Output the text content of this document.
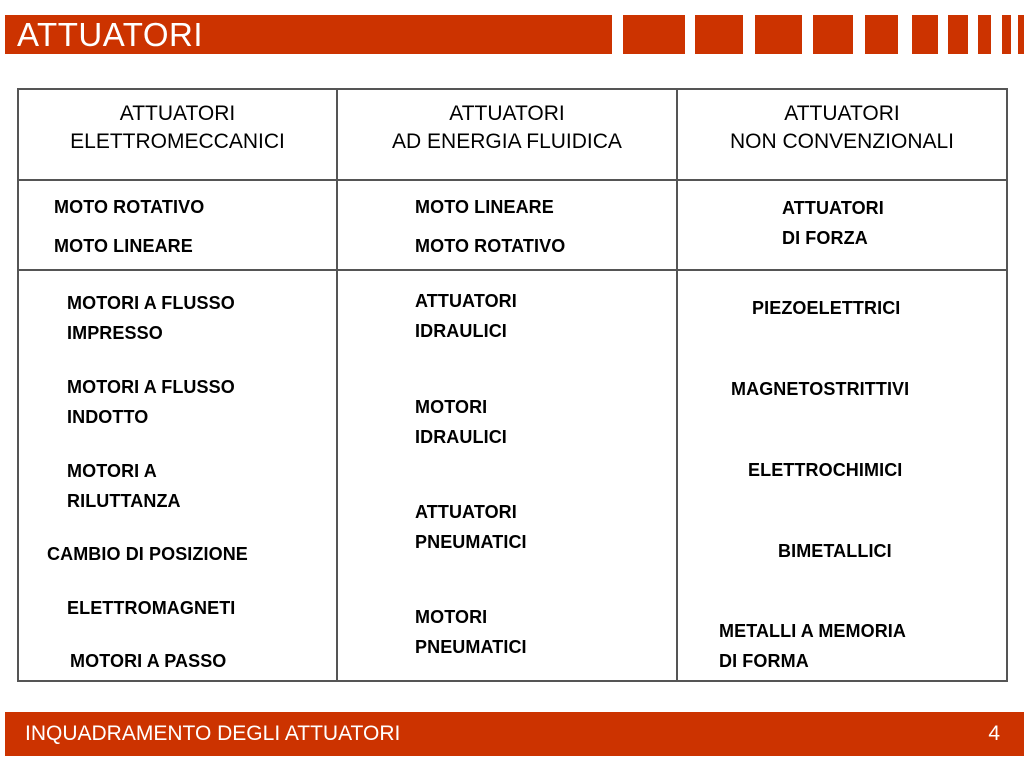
ATTUATORI
ATTUATORI
ELETTROMECCANICI
ATTUATORI
AD ENERGIA FLUIDICA
ATTUATORI
NON CONVENZIONALI
MOTO ROTATIVO
MOTO LINEARE
MOTO LINEARE
MOTO ROTATIVO
ATTUATORI
DI FORZA
MOTORI A FLUSSO
IMPRESSO
MOTORI A FLUSSO
INDOTTO
MOTORI A
RILUTTANZA
CAMBIO DI POSIZIONE
ELETTROMAGNETI
MOTORI A PASSO
ATTUATORI
IDRAULICI
MOTORI
IDRAULICI
ATTUATORI
PNEUMATICI
MOTORI
PNEUMATICI
PIEZOELETTRICI
MAGNETOSTRITTIVI
ELETTROCHIMICI
BIMETALLICI
METALLI A MEMORIA
DI FORMA
INQUADRAMENTO DEGLI ATTUATORI	4
